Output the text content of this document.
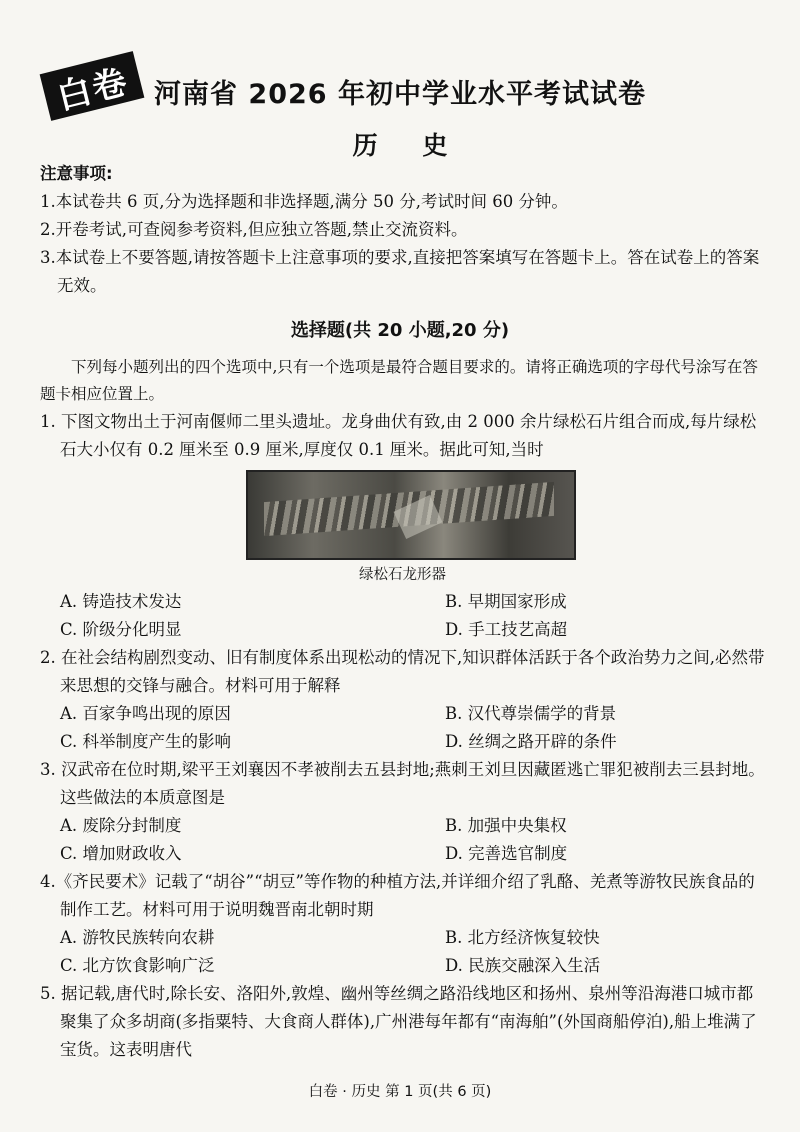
白卷 河南省 2026 年初中学业水平考试试卷
历 史
注意事项:
1.本试卷共 6 页,分为选择题和非选择题,满分 50 分,考试时间 60 分钟。
2.开卷考试,可查阅参考资料,但应独立答题,禁止交流资料。
3.本试卷上不要答题,请按答题卡上注意事项的要求,直接把答案填写在答题卡上。答在试卷上的答案无效。
选择题(共 20 小题,20 分)
下列每小题列出的四个选项中,只有一个选项是最符合题目要求的。请将正确选项的字母代号涂写在答题卡相应位置上。
1. 下图文物出土于河南偃师二里头遗址。龙身曲伏有致,由 2 000 余片绿松石片组合而成,每片绿松石大小仅有 0.2 厘米至 0.9 厘米,厚度仅 0.1 厘米。据此可知,当时
绿松石龙形器
A. 铸造技术发达	B. 早期国家形成
C. 阶级分化明显	D. 手工技艺高超
2. 在社会结构剧烈变动、旧有制度体系出现松动的情况下,知识群体活跃于各个政治势力之间,必然带来思想的交锋与融合。材料可用于解释
A. 百家争鸣出现的原因	B. 汉代尊崇儒学的背景
C. 科举制度产生的影响	D. 丝绸之路开辟的条件
3. 汉武帝在位时期,梁平王刘襄因不孝被削去五县封地;燕刺王刘旦因藏匿逃亡罪犯被削去三县封地。这些做法的本质意图是
A. 废除分封制度	B. 加强中央集权
C. 增加财政收入	D. 完善选官制度
4.《齐民要术》记载了“胡谷”“胡豆”等作物的种植方法,并详细介绍了乳酪、羌煮等游牧民族食品的制作工艺。材料可用于说明魏晋南北朝时期
A. 游牧民族转向农耕	B. 北方经济恢复较快
C. 北方饮食影响广泛	D. 民族交融深入生活
5. 据记载,唐代时,除长安、洛阳外,敦煌、幽州等丝绸之路沿线地区和扬州、泉州等沿海港口城市都聚集了众多胡商(多指粟特、大食商人群体),广州港每年都有“南海舶”(外国商船停泊),船上堆满了宝货。这表明唐代
白卷 · 历史 第 1 页(共 6 页)
